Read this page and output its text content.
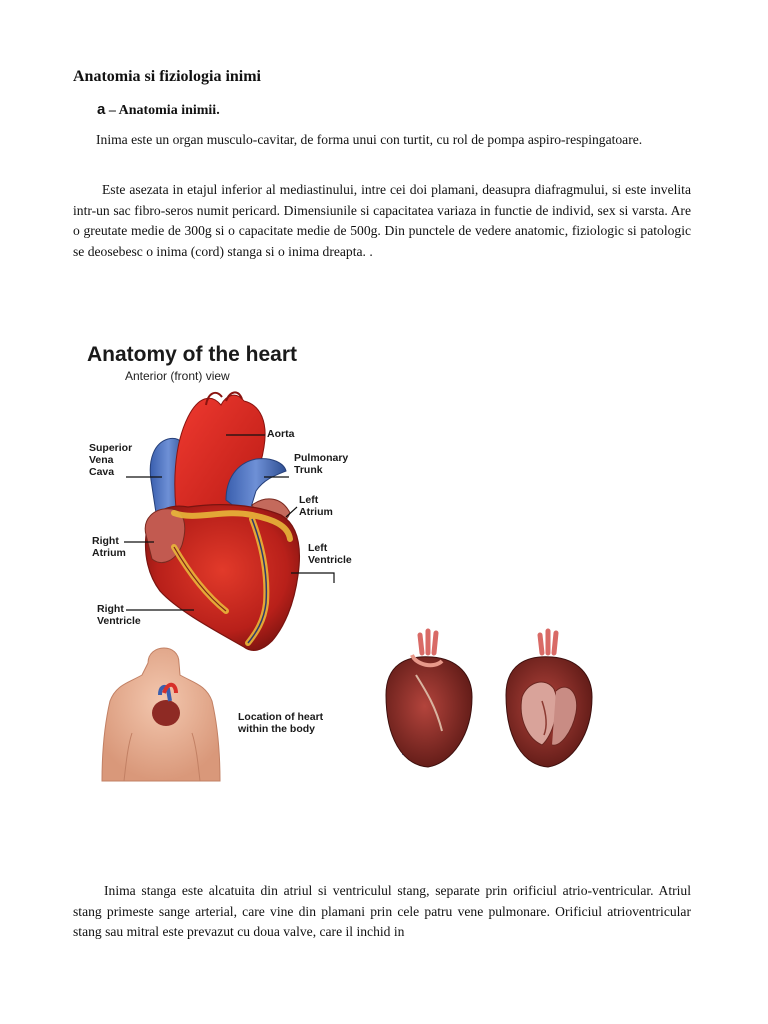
Anatomia si fiziologia inimi
a – Anatomia inimii.
Inima este un organ musculo-cavitar, de forma unui con turtit, cu rol de pompa aspiro-respingatoare.
Este asezata in etajul inferior al mediastinului, intre cei doi plamani, deasupra diafragmului, si este invelita intr-un sac fibro-seros numit pericard. Dimensiunile si capacitatea variaza in functie de individ, sex si varsta. Are o greutate medie de 300g si o capacitate medie de 500g. Din punctele de vedere anatomic, fiziologic si patologic se deosebesc o inima (cord) stanga si o inima dreapta. .
Anatomy of the heart
Anterior (front) view
Aorta
Pulmonary
Trunk
Superior
Vena
Cava
Left
Atrium
Left
Ventricle
Right
Atrium
Right
Ventricle
Location of heart
within the body
Inima stanga este alcatuita din atriul si ventriculul stang, separate prin orificiul atrio-ventricular. Atriul stang primeste sange arterial, care vine din plamani prin cele patru vene pulmonare. Orificiul atrioventricular stang sau mitral este prevazut cu doua valve, care il inchid in
